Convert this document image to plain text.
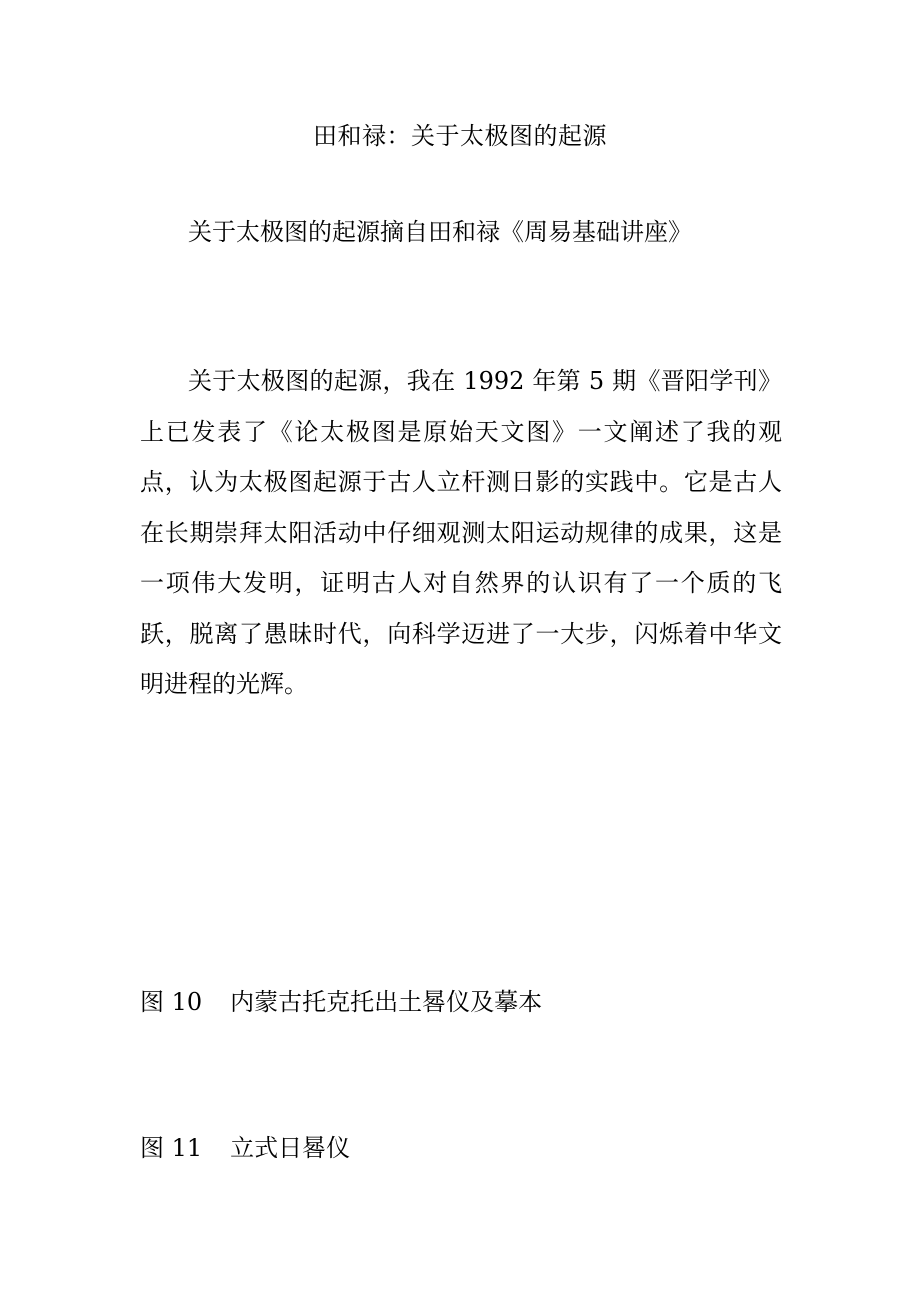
田和禄：关于太极图的起源
关于太极图的起源摘自田和禄《周易基础讲座》
关于太极图的起源，我在 1992 年第 5 期《晋阳学刊》上已发表了《论太极图是原始天文图》一文阐述了我的观点，认为太极图起源于古人立杆测日影的实践中。它是古人在长期崇拜太阳活动中仔细观测太阳运动规律的成果，这是一项伟大发明，证明古人对自然界的认识有了一个质的飞跃，脱离了愚昧时代，向科学迈进了一大步，闪烁着中华文明进程的光辉。
图 10 内蒙古托克托出土晷仪及摹本
图 11 立式日晷仪
